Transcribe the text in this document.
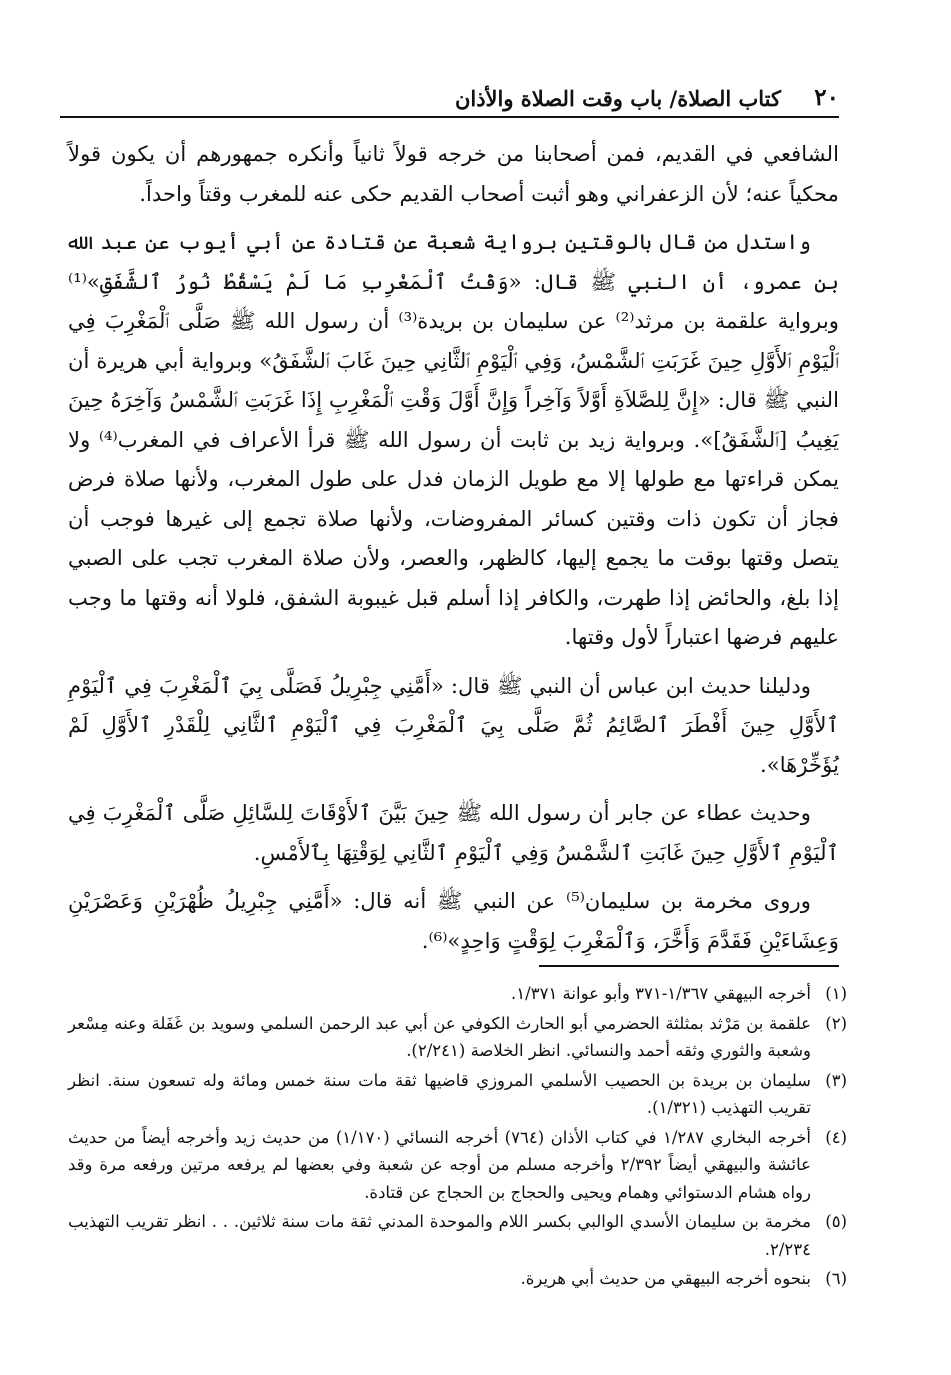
٢٠
كتاب الصلاة/ باب وقت الصلاة والأذان

الشافعي في القديم، فمن أصحابنا من خرجه قولاً ثانياً وأنكره جمهورهم أن يكون قولاً محكياً عنه؛ لأن الزعفراني وهو أثبت أصحاب القديم حكى عنه للمغرب وقتاً واحداً.

واستدل من قال بالوقتين برواية شعبة عن قتادة عن أبي أيوب عن عبد الله بن عمرو، أن النبي ﷺ قال: «وَقْتُ ٱلْمَغْرِبِ مَا لَمْ يَسْقُطْ نُورُ ٱلشَّفَقِ»⁽¹⁾ وبرواية علقمة بن مرثد⁽²⁾ عن سليمان بن بريدة⁽³⁾ أن رسول الله ﷺ صَلَّى ٱلْمَغْرِبَ فِي ٱلْيَوْمِ ٱلأَوَّلِ حِينَ غَرَبَتِ ٱلشَّمْسُ، وَفِي ٱلْيَوْمِ ٱلثَّانِي حِينَ غَابَ ٱلشَّفَقُ» وبرواية أبي هريرة أن النبي ﷺ قال: «إِنَّ لِلصَّلاَةِ أَوَّلاً وَآخِراً وَإِنَّ أَوَّلَ وَقْتِ ٱلْمَغْرِبِ إِذَا غَرَبَتِ ٱلشَّمْسُ وَآخِرَهُ حِينَ يَغِيبُ [ٱلشَّفَقُ]». وبرواية زيد بن ثابت أن رسول الله ﷺ قرأ الأعراف في المغرب⁽⁴⁾ ولا يمكن قراءتها مع طولها إلا مع طويل الزمان فدل على طول المغرب، ولأنها صلاة فرض فجاز أن تكون ذات وقتين كسائر المفروضات، ولأنها صلاة تجمع إلى غيرها فوجب أن يتصل وقتها بوقت ما يجمع إليها، كالظهر، والعصر، ولأن صلاة المغرب تجب على الصبي إذا بلغ، والحائض إذا طهرت، والكافر إذا أسلم قبل غيبوبة الشفق، فلولا أنه وقتها ما وجب عليهم فرضها اعتباراً لأول وقتها.

ودليلنا حديث ابن عباس أن النبي ﷺ قال: «أَمَّنِي جِبْرِيلُ فَصَلَّى بِيَ ٱلْمَغْرِبَ فِي ٱلْيَوْمِ ٱلأَوَّلِ حِينَ أَفْطَرَ ٱلصَّائِمُ ثُمَّ صَلَّى بِيَ ٱلْمَغْرِبَ فِي ٱلْيَوْمِ ٱلثَّانِي لِلْقَدْرِ ٱلأَوَّلِ لَمْ يُؤَخِّرْهَا».

وحديث عطاء عن جابر أن رسول الله ﷺ حِينَ بَيَّنَ ٱلأَوْقَاتَ لِلسَّائِلِ صَلَّى ٱلْمَغْرِبَ فِي ٱلْيَوْمِ ٱلأَوَّلِ حِينَ غَابَتِ ٱلشَّمْسُ وَفِي ٱلْيَوْمِ ٱلثَّانِي لِوَقْتِهَا بِٱلأَمْسِ.

وروى مخرمة بن سليمان⁽⁵⁾ عن النبي ﷺ أنه قال: «أَمَّنِي جِبْرِيلُ ظُهْرَيْنِ وَعَصْرَيْنِ وَعِشَاءَيْنِ فَقَدَّمَ وَأَخَّرَ، وَٱلْمَغْرِبَ لِوَقْتٍ وَاحِدٍ»⁽⁶⁾.

(١)
أخرجه البيهقي ١/٣٦٧-٣٧١ وأبو عوانة ١/٣٧١.
(٢)
علقمة بن مَرْثد بمثلثة الحضرمي أبو الحارث الكوفي عن أبي عبد الرحمن السلمي وسويد بن غَفَلة وعنه مِسْعر وشعبة والثوري وثقه أحمد والنسائي. انظر الخلاصة (٢/٢٤١).
(٣)
سليمان بن بريدة بن الحصيب الأسلمي المروزي قاضيها ثقة مات سنة خمس ومائة وله تسعون سنة. انظر تقريب التهذيب (١/٣٢١).
(٤)
أخرجه البخاري ١/٢٨٧ في كتاب الأذان (٧٦٤) أخرجه النسائي (١/١٧٠) من حديث زيد وأخرجه أيضاً من حديث عائشة والبيهقي أيضاً ٢/٣٩٢ وأخرجه مسلم من أوجه عن شعبة وفي بعضها لم يرفعه مرتين ورفعه مرة وقد رواه هشام الدستوائي وهمام ويحيى والحجاج بن الحجاج عن قتادة.
(٥)
مخرمة بن سليمان الأسدي الوالبي بكسر اللام والموحدة المدني ثقة مات سنة ثلاثين. . . انظر تقريب التهذيب ٢/٢٣٤.
(٦)
بنحوه أخرجه البيهقي من حديث أبي هريرة.
